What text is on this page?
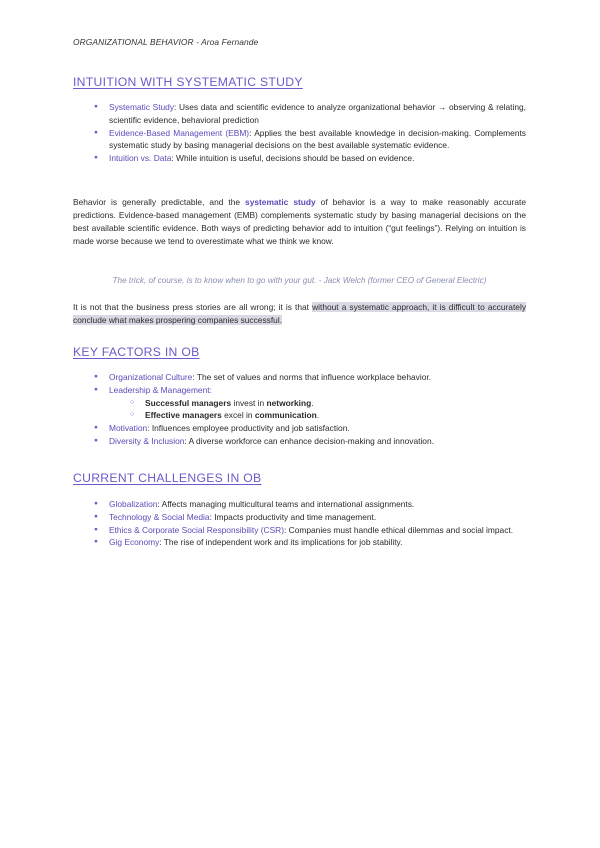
ORGANIZATIONAL BEHAVIOR - Aroa Fernande
INTUITION WITH SYSTEMATIC STUDY
● Systematic Study: Uses data and scientific evidence to analyze organizational behavior → observing & relating, scientific evidence, behavioral prediction
● Evidence-Based Management (EBM): Applies the best available knowledge in decision-making. Complements systematic study by basing managerial decisions on the best available systematic evidence.
● Intuition vs. Data: While intuition is useful, decisions should be based on evidence.

Behavior is generally predictable, and the systematic study of behavior is a way to make reasonably accurate predictions. Evidence-based management (EMB) complements systematic study by basing managerial decisions on the best available scientific evidence. Both ways of predicting behavior add to intuition (“gut feelings”). Relying on intuition is made worse because we tend to overestimate what we think we know.

The trick, of course, is to know when to go with your gut. - Jack Welch (former CEO of General Electric)

It is not that the business press stories are all wrong; it is that without a systematic approach, it is difficult to accurately conclude what makes prospering companies successful.

KEY FACTORS IN OB
● Organizational Culture: The set of values and norms that influence workplace behavior.
● Leadership & Management:
○ Successful managers invest in networking.
○ Effective managers excel in communication.
● Motivation: Influences employee productivity and job satisfaction.
● Diversity & Inclusion: A diverse workforce can enhance decision-making and innovation.
CURRENT CHALLENGES IN OB
● Globalization: Affects managing multicultural teams and international assignments.
● Technology & Social Media: Impacts productivity and time management.
● Ethics & Corporate Social Responsibility (CSR): Companies must handle ethical dilemmas and social impact.
● Gig Economy: The rise of independent work and its implications for job stability.
